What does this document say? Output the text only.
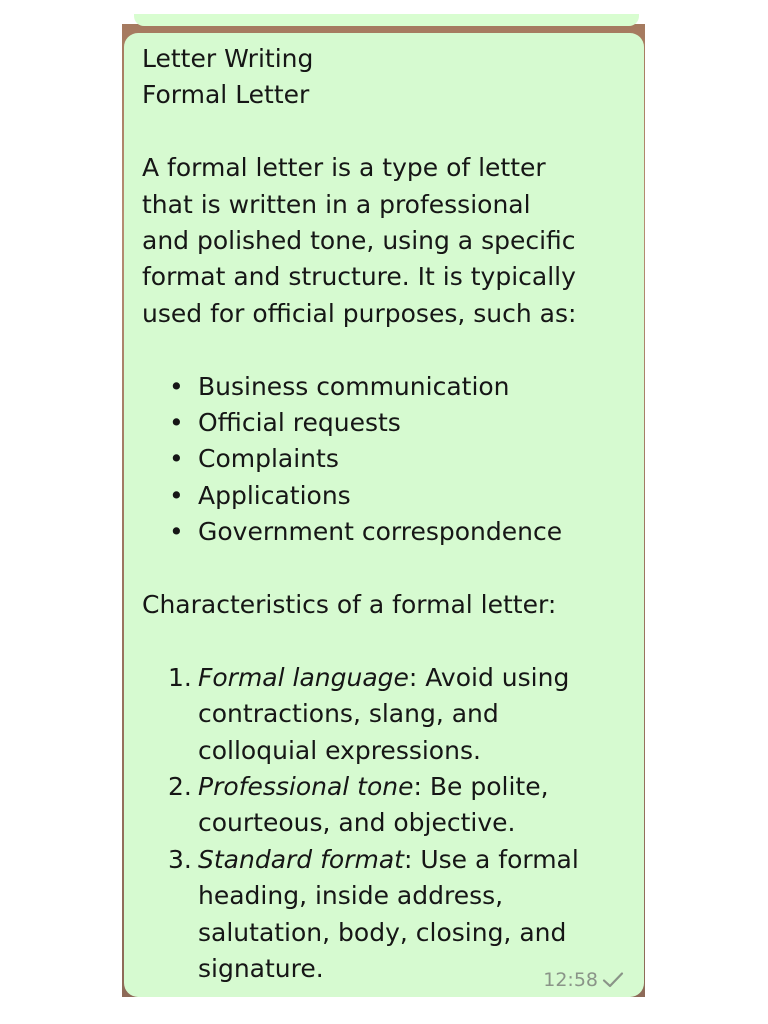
Letter Writing
Formal Letter
A formal letter is a type of letter
that is written in a professional
and polished tone, using a specific
format and structure. It is typically
used for official purposes, such as:
• Business communication
• Official requests
• Complaints
• Applications
• Government correspondence
Characteristics of a formal letter:
1. Formal language: Avoid using
contractions, slang, and
colloquial expressions.
2. Professional tone: Be polite,
courteous, and objective.
3. Standard format: Use a formal
heading, inside address,
salutation, body, closing, and
signature.	12:58
